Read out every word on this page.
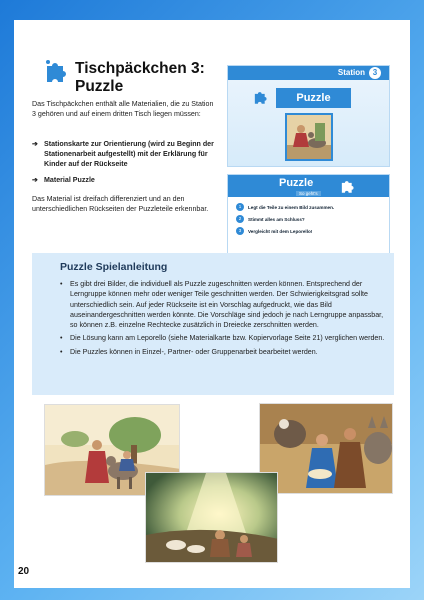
Tischpäckchen 3:
Puzzle

Das Tischpäckchen enthält alle Materialien, die zu Station 3 gehören und auf einem dritten Tisch liegen müssen:

➔ Stationskarte zur Orientierung (wird zu Beginn der Stationenarbeit aufgestellt) mit der Erklärung für Kinder auf der Rückseite
➔ Material Puzzle

Das Material ist dreifach differenziert und an den unterschiedlichen Rückseiten der Puzzleteile erkennbar.

Station 3
Puzzle
Puzzle
So geht's
1	Legt die Teile zu einem Bild zusammen.
2	Stimmt alles am Schluss?
3	Vergleicht mit dem Leporello!
Puzzle Spielanleitung
•	Es gibt drei Bilder, die individuell als Puzzle zugeschnitten werden können. Entsprechend der Lerngruppe können mehr oder weniger Teile geschnitten werden. Der Schwierigkeitsgrad sollte unterschiedlich sein. Auf jeder Rückseite ist ein Vorschlag aufgedruckt, wie das Bild auseinandergeschnitten werden könnte. Die Vorschläge sind jedoch je nach Lerngruppe anpassbar, so können z.B. einzelne Rechtecke zusätzlich in Dreiecke zerschnitten werden.
•	Die Lösung kann am Leporello (siehe Materialkarte bzw. Kopiervorlage Seite 21) verglichen werden.
•	Die Puzzles können in Einzel-, Partner- oder Gruppenarbeit bearbeitet werden.
20
